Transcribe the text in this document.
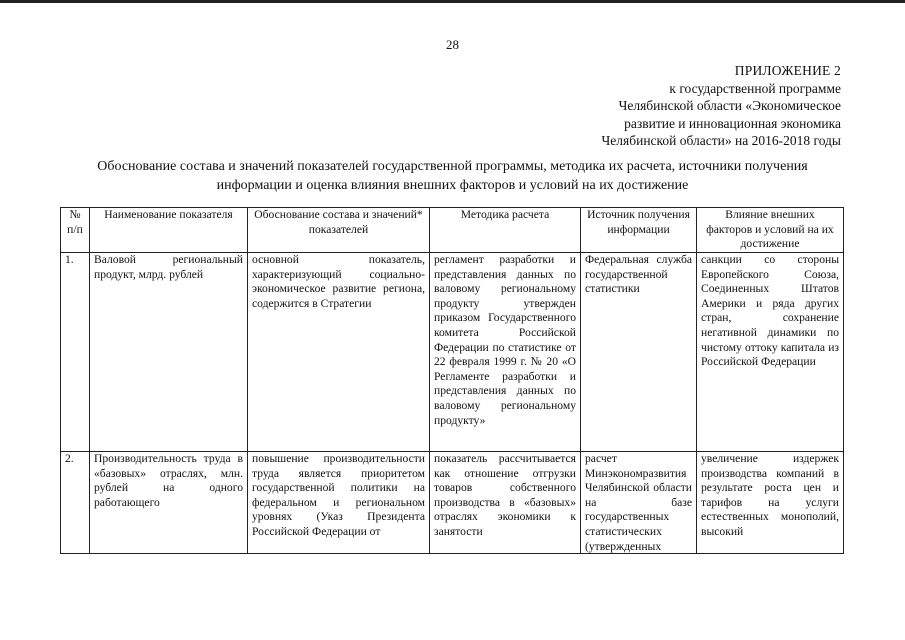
28
ПРИЛОЖЕНИЕ 2
к государственной программе
Челябинской области «Экономическое
развитие и инновационная экономика
Челябинской области» на 2016-2018 годы
Обоснование состава и значений показателей государственной программы, методика их расчета, источники получения
информации и оценка влияния внешних факторов и условий на их достижение
№ п/п	Наименование показателя	Обоснование состава и значений* показателей	Методика расчета	Источник получения информации	Влияние внешних факторов и условий на их достижение
1.	Валовой региональный продукт, млрд. рублей	основной показатель, характеризующий социально-экономическое развитие региона, содержится в Стратегии	регламент разработки и представления данных по валовому региональному продукту утвержден приказом Государственного комитета Российской Федерации по статистике от 22 февраля 1999 г. № 20 «О Регламенте разработки и представления данных по валовому региональному продукту»	Федеральная служба государственной статистики	санкции со стороны Европейского Союза, Соединенных Штатов Америки и ряда других стран, сохранение негативной динамики по чистому оттоку капитала из Российской Федерации

2.	Производительность труда в «базовых» отраслях, млн. рублей на одного работающего	повышение производительности труда является приоритетом государственной политики на федеральном и региональном уровнях (Указ Президента Российской Федерации от	показатель рассчитывается как отношение отгрузки товаров собственного производства в «базовых» отраслях экономики к занятости	расчет Минэкономразвития Челябинской области на базе государственных статистических (утвержденных	увеличение издержек производства компаний в результате роста цен и тарифов на услуги естественных монополий, высокий
